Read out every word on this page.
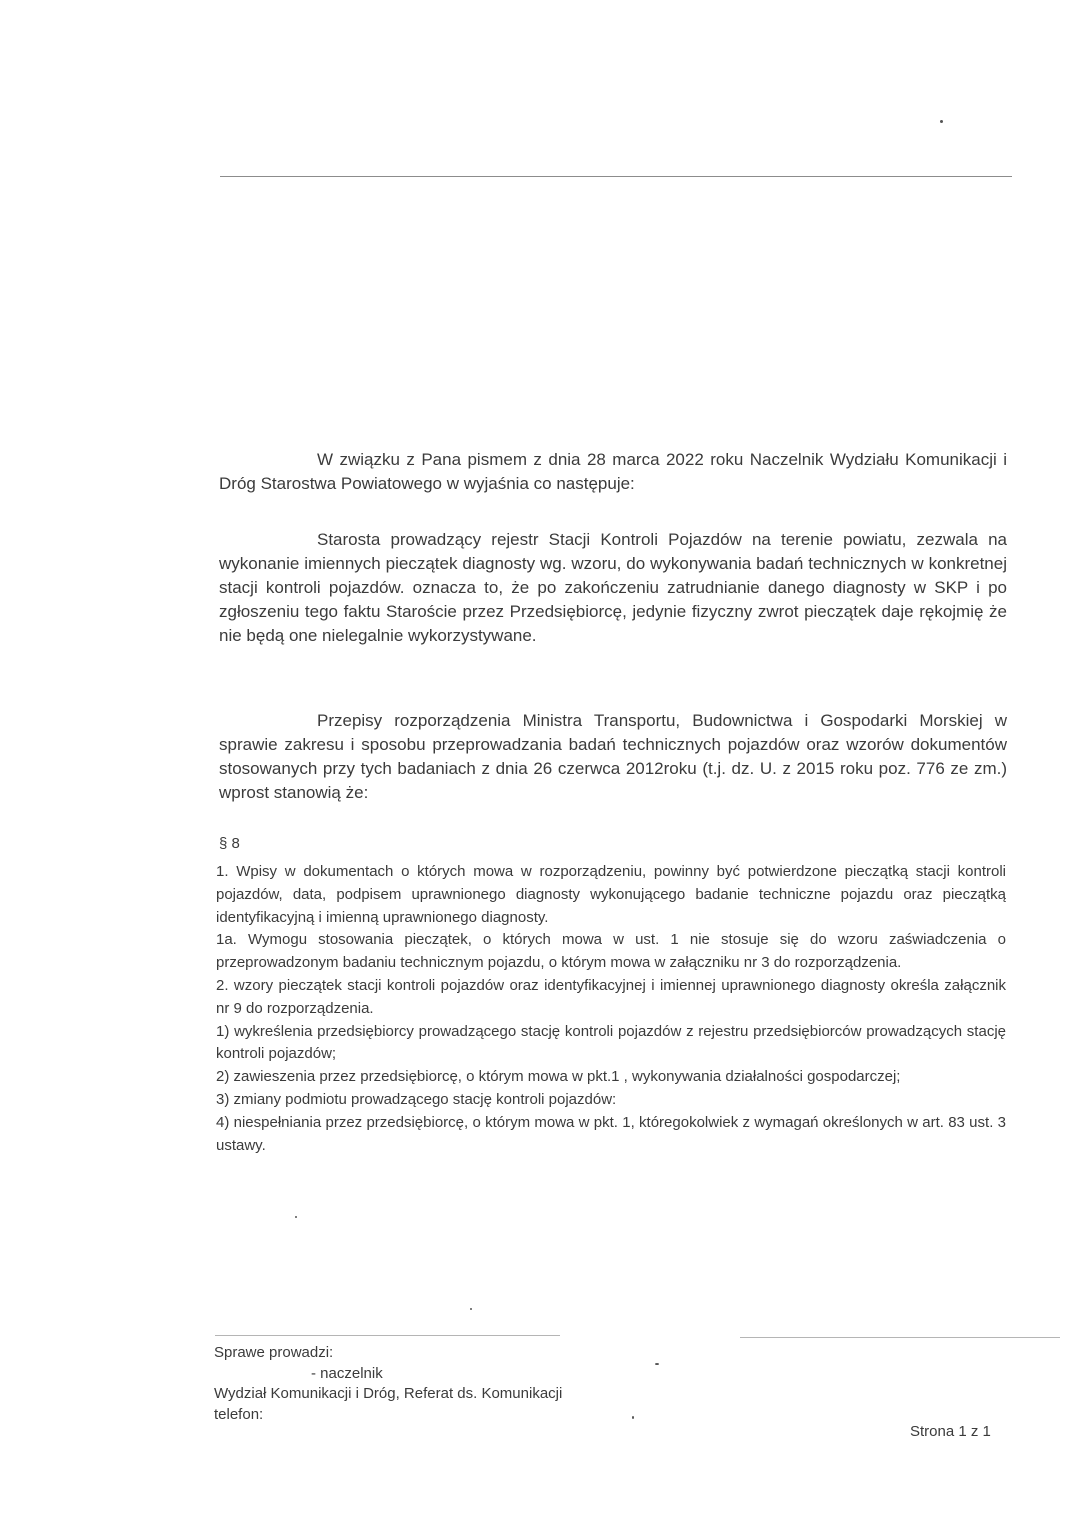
W związku z Pana pismem z dnia 28 marca 2022 roku Naczelnik Wydziału Komunikacji i Dróg Starostwa Powiatowego w wyjaśnia co następuje:

Starosta prowadzący rejestr Stacji Kontroli Pojazdów na terenie powiatu, zezwala na wykonanie imiennych pieczątek diagnosty wg. wzoru, do wykonywania badań technicznych w konkretnej stacji kontroli pojazdów. oznacza to, że po zakończeniu zatrudnianie danego diagnosty w SKP i po zgłoszeniu tego faktu Staroście przez Przedsiębiorcę, jedynie fizyczny zwrot pieczątek daje rękojmię że nie będą one nielegalnie wykorzystywane.

Przepisy rozporządzenia Ministra Transportu, Budownictwa i Gospodarki Morskiej w sprawie zakresu i sposobu przeprowadzania badań technicznych pojazdów oraz wzorów dokumentów stosowanych przy tych badaniach z dnia 26 czerwca 2012roku (t.j. dz. U. z 2015 roku poz. 776 ze zm.) wprost stanowią że:

§ 8
1. Wpisy w dokumentach o których mowa w rozporządzeniu, powinny być potwierdzone pieczątką stacji kontroli pojazdów, data, podpisem uprawnionego diagnosty wykonującego badanie techniczne pojazdu oraz pieczątką identyfikacyjną i imienną uprawnionego diagnosty.
1a. Wymogu stosowania pieczątek, o których mowa w ust. 1 nie stosuje się do wzoru zaświadczenia o przeprowadzonym badaniu technicznym pojazdu, o którym mowa w załączniku nr 3 do rozporządzenia.
2. wzory pieczątek stacji kontroli pojazdów oraz identyfikacyjnej i imiennej uprawnionego diagnosty określa załącznik nr 9 do rozporządzenia.
1) wykreślenia przedsiębiorcy prowadzącego stację kontroli pojazdów z rejestru przedsiębiorców prowadzących stację kontroli pojazdów;
2) zawieszenia przez przedsiębiorcę, o którym mowa w pkt.1 , wykonywania działalności gospodarczej;
3) zmiany podmiotu prowadzącego stację kontroli pojazdów:
4) niespełniania przez przedsiębiorcę, o którym mowa w pkt. 1, któregokolwiek z wymagań określonych w art. 83 ust. 3 ustawy.
Sprawe prowadzi:
- naczelnik
Wydział Komunikacji i Dróg, Referat ds. Komunikacji
telefon:
Strona 1 z 1
